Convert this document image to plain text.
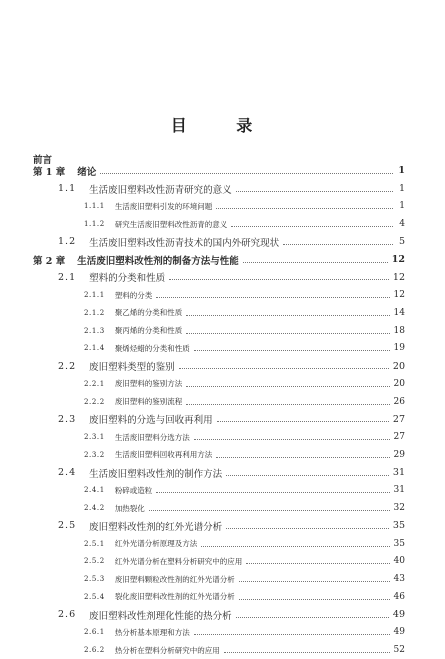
目 录
前言
第 1 章 绪论	1
1.1 生活废旧塑料改性沥青研究的意义	1
1.1.1 生活废旧塑料引发的环境问题	1
1.1.2 研究生活废旧塑料改性沥青的意义	4
1.2 生活废旧塑料改性沥青技术的国内外研究现状	5
第 2 章 生活废旧塑料改性剂的制备方法与性能	12
2.1 塑料的分类和性质	12
2.1.1 塑料的分类	12
2.1.2 聚乙烯的分类和性质	14
2.1.3 聚丙烯的分类和性质	18
2.1.4 聚烯烃蜡的分类和性质	19
2.2 废旧塑料类型的鉴别	20
2.2.1 废旧塑料的鉴别方法	20
2.2.2 废旧塑料的鉴别流程	26
2.3 废旧塑料的分选与回收再利用	27
2.3.1 生活废旧塑料分选方法	27
2.3.2 生活废旧塑料回收再利用方法	29
2.4 生活废旧塑料改性剂的制作方法	31
2.4.1 粉碎或造粒	31
2.4.2 加热裂化	32
2.5 废旧塑料改性剂的红外光谱分析	35
2.5.1 红外光谱分析原理及方法	35
2.5.2 红外光谱分析在塑料分析研究中的应用	40
2.5.3 废旧塑料颗粒改性剂的红外光谱分析	43
2.5.4 裂化废旧塑料改性剂的红外光谱分析	46
2.6 废旧塑料改性剂理化性能的热分析	49
2.6.1 热分析基本原理和方法	49
2.6.2 热分析在塑料分析研究中的应用	52
